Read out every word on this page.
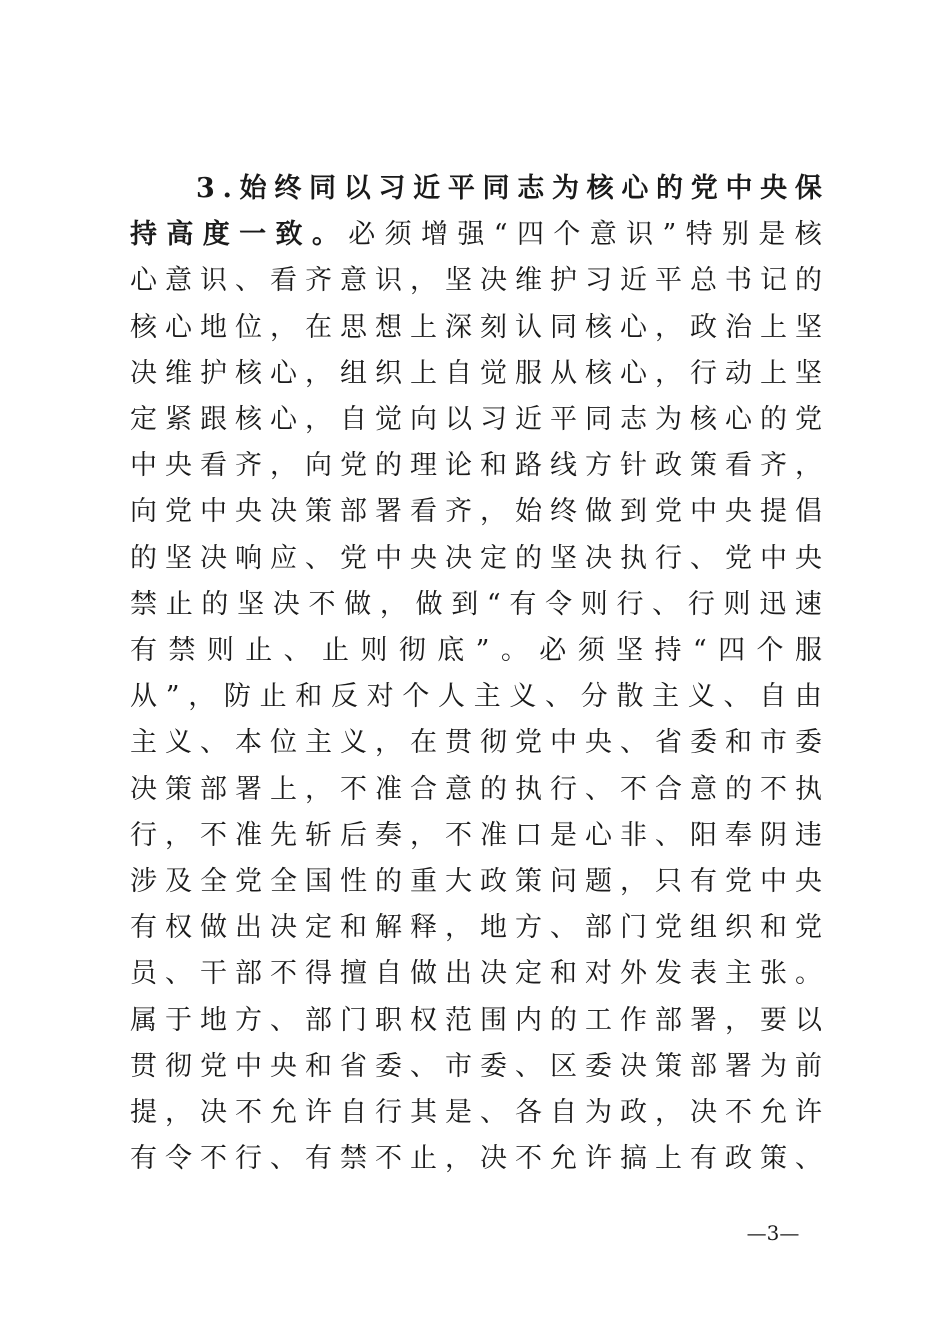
3 . 始 终 同 以 习 近 平 同 志 为 核 心 的 党 中 央 保
持 高 度 一 致 。 必 须 增 强 “ 四 个 意 识 ” 特 别 是 核
心 意 识 、 看 齐 意 识 ， 坚 决 维 护 习 近 平 总 书 记 的
核 心 地 位 ， 在 思 想 上 深 刻 认 同 核 心 ， 政 治 上 坚
决 维 护 核 心 ， 组 织 上 自 觉 服 从 核 心 ， 行 动 上 坚
定 紧 跟 核 心 ， 自 觉 向 以 习 近 平 同 志 为 核 心 的 党
中 央 看 齐 ， 向 党 的 理 论 和 路 线 方 针 政 策 看 齐 ，
向 党 中 央 决 策 部 署 看 齐 ， 始 终 做 到 党 中 央 提 倡
的 坚 决 响 应 、 党 中 央 决 定 的 坚 决 执 行 、 党 中 央
禁 止 的 坚 决 不 做 ， 做 到 “ 有 令 则 行 、 行 则 迅 速
有 禁 则 止 、 止 则 彻 底 ” 。 必 须 坚 持 “ 四 个 服
从 ” ， 防 止 和 反 对 个 人 主 义 、 分 散 主 义 、 自 由
主 义 、 本 位 主 义 ， 在 贯 彻 党 中 央 、 省 委 和 市 委
决 策 部 署 上 ， 不 准 合 意 的 执 行 、 不 合 意 的 不 执
行 ， 不 准 先 斩 后 奏 ， 不 准 口 是 心 非 、 阳 奉 阴 违
涉 及 全 党 全 国 性 的 重 大 政 策 问 题 ， 只 有 党 中 央
有 权 做 出 决 定 和 解 释 ， 地 方 、 部 门 党 组 织 和 党
员 、 干 部 不 得 擅 自 做 出 决 定 和 对 外 发 表 主 张 。
属 于 地 方 、 部 门 职 权 范 围 内 的 工 作 部 署 ， 要 以
贯 彻 党 中 央 和 省 委 、 市 委 、 区 委 决 策 部 署 为 前
提 ， 决 不 允 许 自 行 其 是 、 各 自 为 政 ， 决 不 允 许
有 令 不 行 、 有 禁 不 止 ， 决 不 允 许 搞 上 有 政 策 、
—3—
